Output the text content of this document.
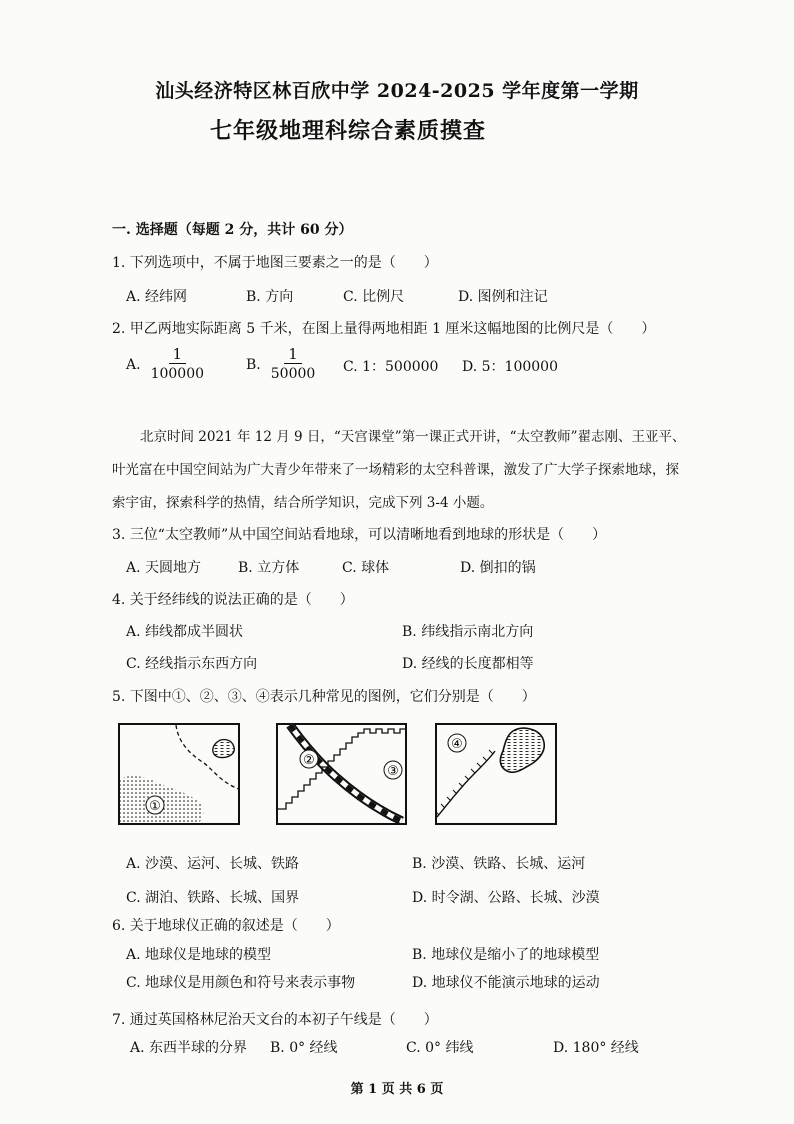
汕头经济特区林百欣中学 2024-2025 学年度第一学期
七年级地理科综合素质摸查
一. 选择题（每题 2 分，共计 60 分）
1. 下列选项中，不属于地图三要素之一的是（　　）
A. 经纬网	B. 方向	C. 比例尺	D. 图例和注记
2. 甲乙两地实际距离 5 千米，在图上量得两地相距 1 厘米这幅地图的比例尺是（　　）
A. $\frac{1}{100000}$	B. $\frac{1}{50000} C$. 1：500000 D. 5：100000
北京时间 2021 年 12 月 9 日，“天宫课堂”第一课正式开讲，“太空教师”翟志刚、王亚平、叶光富在中国空间站为广大青少年带来了一场精彩的太空科普课，激发了广大学子探索地球，探索宇宙，探索科学的热情，结合所学知识，完成下列 3-4 小题。
3. 三位“太空教师”从中国空间站看地球，可以清晰地看到地球的形状是（　　）
A. 天圆地方	B. 立方体	C. 球体	D. 倒扣的锅
4. 关于经纬线的说法正确的是（　　）
A. 纬线都成半圆状	B. 纬线指示南北方向
C. 经线指示东西方向	D. 经线的长度都相等
5. 下图中①、②、③、④表示几种常见的图例，它们分别是（　　）
①
②
③
④
A. 沙漠、运河、长城、铁路	B. 沙漠、铁路、长城、运河
C. 湖泊、铁路、长城、国界	D. 时令湖、公路、长城、沙漠
6. 关于地球仪正确的叙述是（　　）
A. 地球仪是地球的模型	B. 地球仪是缩小了的地球模型
C. 地球仪是用颜色和符号来表示事物	D. 地球仪不能演示地球的运动
7. 通过英国格林尼治天文台的本初子午线是（　　）
A. 东西半球的分界 B. 0° 经线	C. 0° 纬线	D. 180° 经线
第 1 页 共 6 页
